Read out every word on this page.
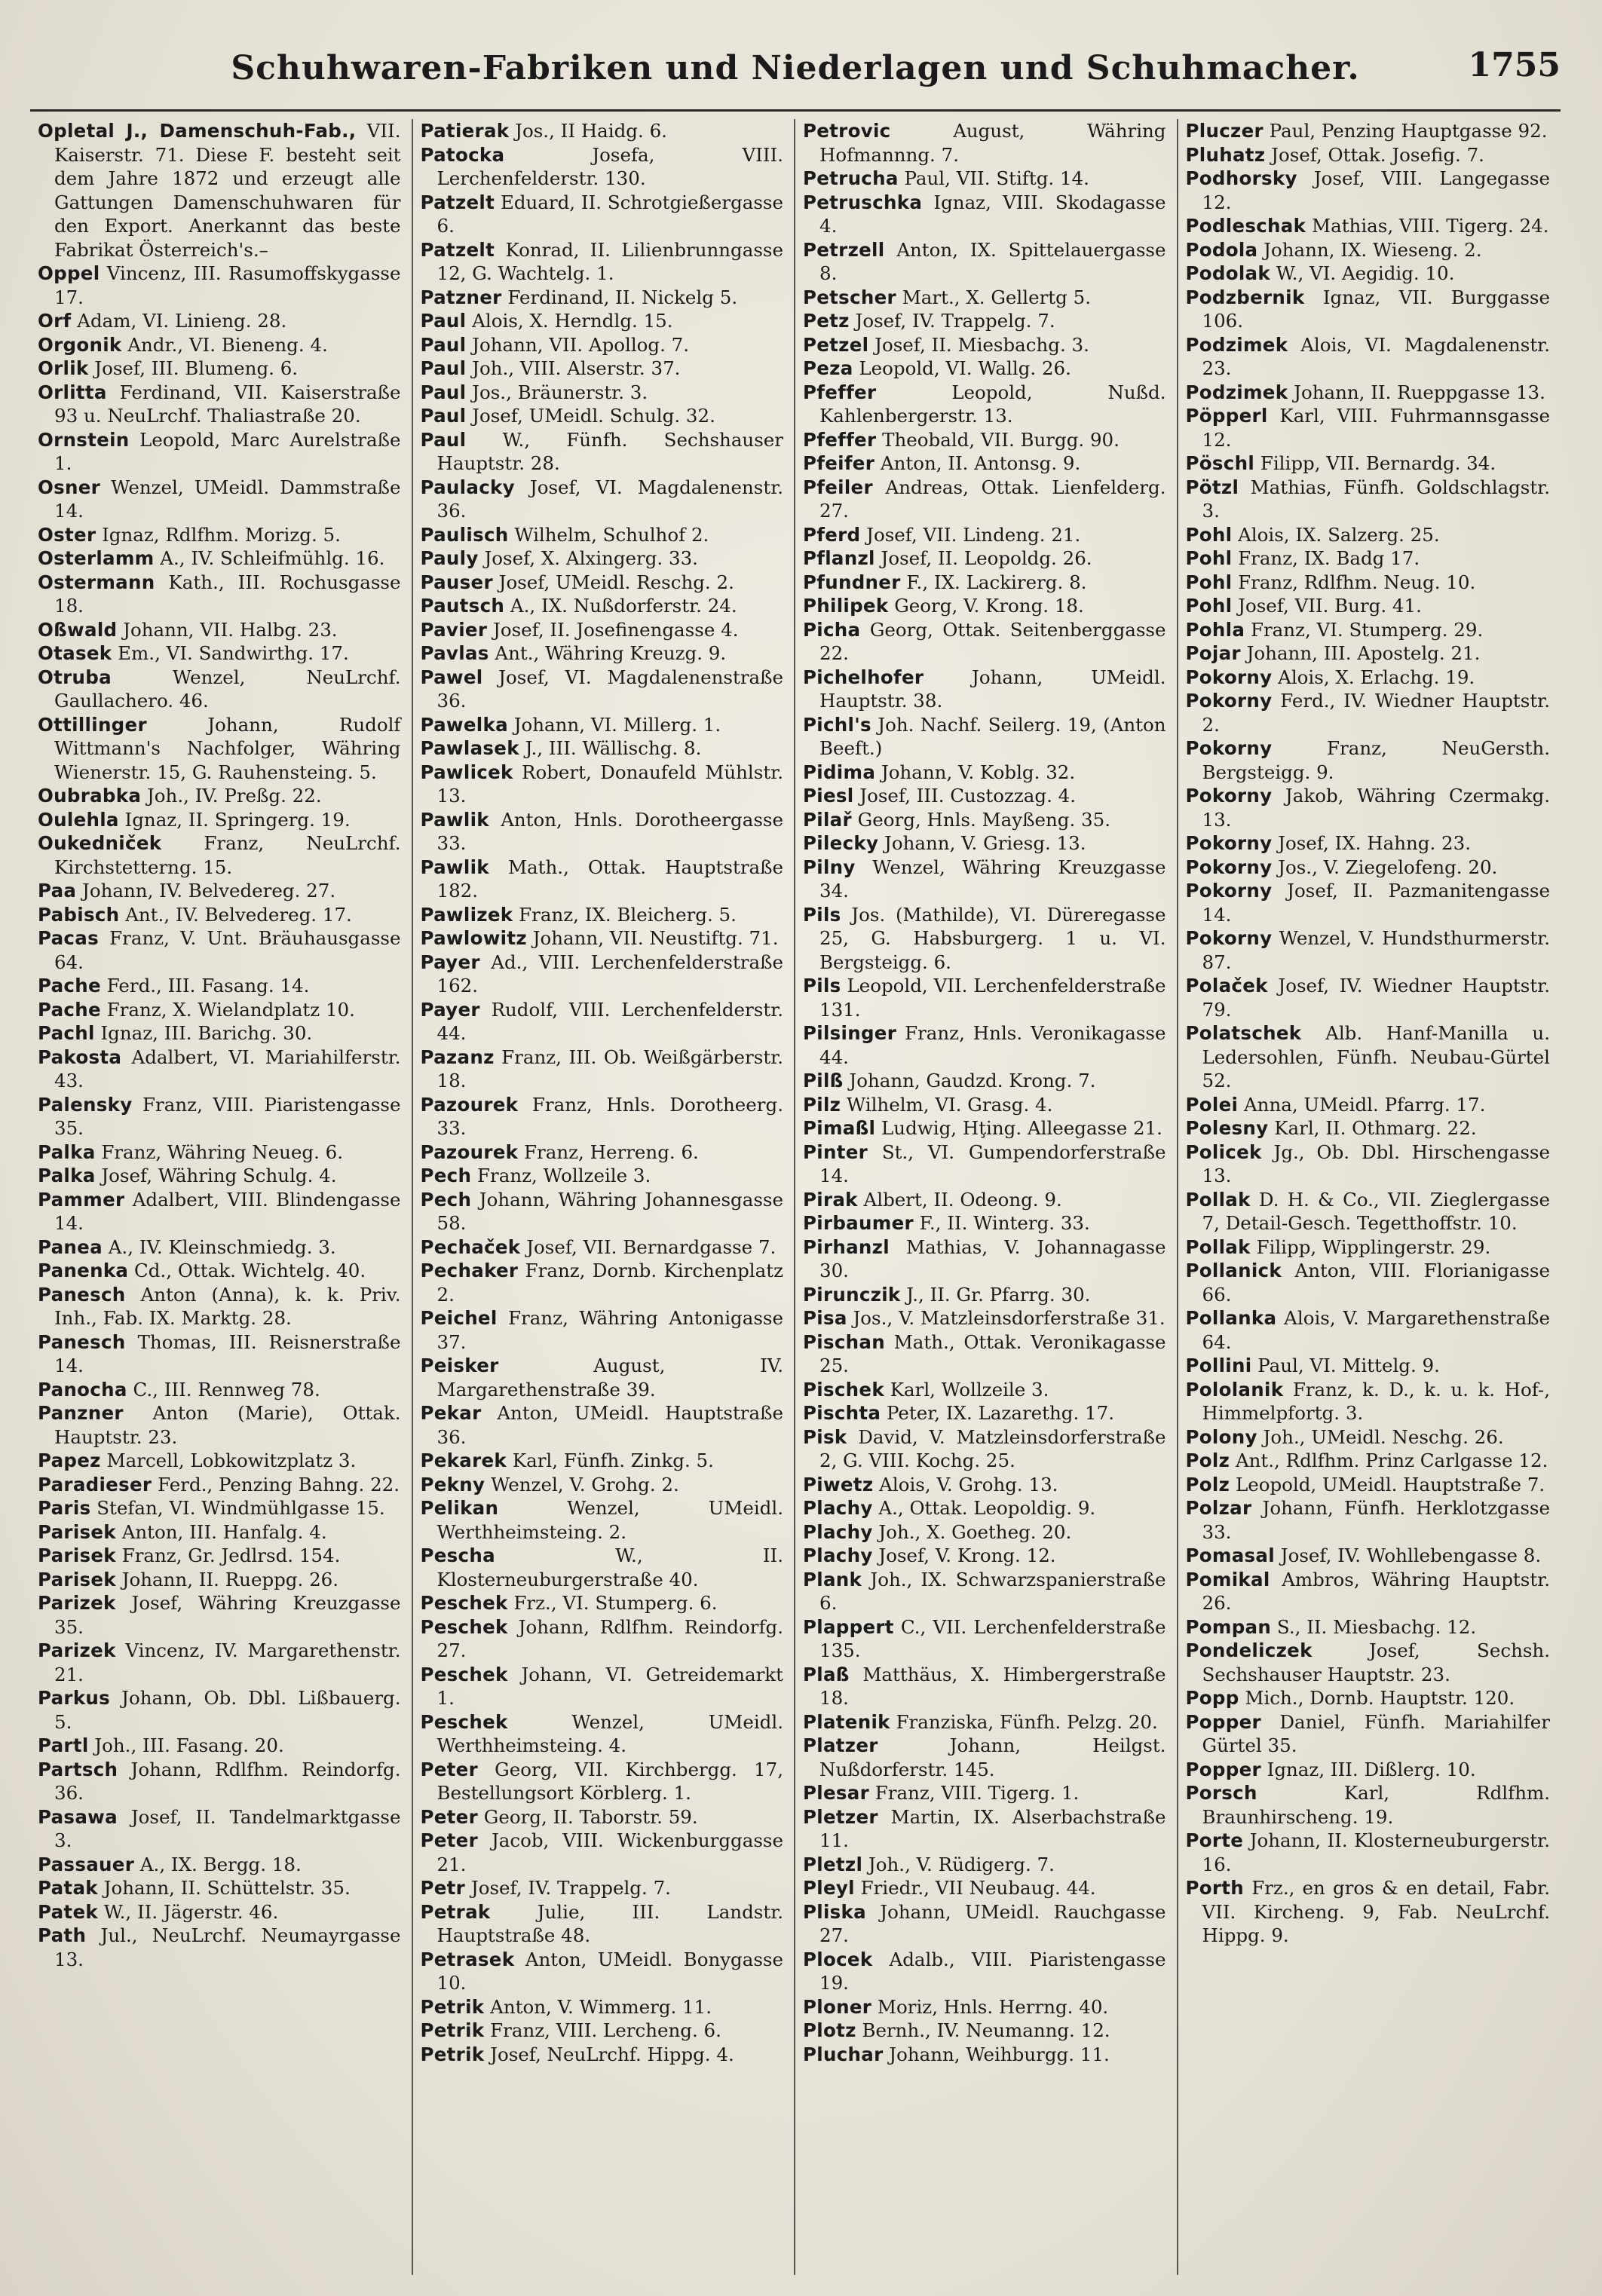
Schuhwaren-Fabriken und Niederlagen und Schuhmacher.	1755

Opletal J., Damenschuh-Fab., VII. Kaiserstr. 71. Diese F. besteht seit dem Jahre 1872 und erzeugt alle Gattungen Damenschuhwaren für den Export. Anerkannt das beste Fabrikat Österreich's.–

Oppel Vincenz, III. Rasumoffskygasse 17.

Orf Adam, VI. Linieng. 28.

Orgonik Andr., VI. Bieneng. 4.

Orlik Josef, III. Blumeng. 6.

Orlitta Ferdinand, VII. Kaiserstraße 93 u. NeuLrchf. Thaliastraße 20.

Ornstein Leopold, Marc Aurelstraße 1.

Osner Wenzel, UMeidl. Dammstraße 14.

Oster Ignaz, Rdlfhm. Morizg. 5.

Osterlamm A., IV. Schleifmühlg. 16.

Ostermann Kath., III. Rochusgasse 18.

Oßwald Johann, VII. Halbg. 23.

Otasek Em., VI. Sandwirthg. 17.

Otruba Wenzel, NeuLrchf. Gaullachero. 46.

Ottillinger Johann, Rudolf Wittmann's Nachfolger, Währing Wienerstr. 15, G. Rauhensteing. 5.

Oubrabka Joh., IV. Preßg. 22.

Oulehla Ignaz, II. Springerg. 19.

Oukedniček Franz, NeuLrchf. Kirchstetterng. 15.

Paa Johann, IV. Belvedereg. 27.

Pabisch Ant., IV. Belvedereg. 17.

Pacas Franz, V. Unt. Bräuhausgasse 64.

Pache Ferd., III. Fasang. 14.

Pache Franz, X. Wielandplatz 10.

Pachl Ignaz, III. Barichg. 30.

Pakosta Adalbert, VI. Mariahilferstr. 43.

Palensky Franz, VIII. Piaristengasse 35.

Palka Franz, Währing Neueg. 6.

Palka Josef, Währing Schulg. 4.

Pammer Adalbert, VIII. Blindengasse 14.

Panea A., IV. Kleinschmiedg. 3.

Panenka Cd., Ottak. Wichtelg. 40.

Panesch Anton (Anna), k. k. Priv. Inh., Fab. IX. Marktg. 28.

Panesch Thomas, III. Reisnerstraße 14.

Panocha C., III. Rennweg 78.

Panzner Anton (Marie), Ottak. Hauptstr. 23.

Papez Marcell, Lobkowitzplatz 3.

Paradieser Ferd., Penzing Bahng. 22.

Paris Stefan, VI. Windmühlgasse 15.

Parisek Anton, III. Hanfalg. 4.

Parisek Franz, Gr. Jedlrsd. 154.

Parisek Johann, II. Rueppg. 26.

Parizek Josef, Währing Kreuzgasse 35.

Parizek Vincenz, IV. Margarethenstr. 21.

Parkus Johann, Ob. Dbl. Lißbauerg. 5.

Partl Joh., III. Fasang. 20.

Partsch Johann, Rdlfhm. Reindorfg. 36.

Pasawa Josef, II. Tandelmarktgasse 3.

Passauer A., IX. Bergg. 18.

Patak Johann, II. Schüttelstr. 35.

Patek W., II. Jägerstr. 46.

Path Jul., NeuLrchf. Neumayrgasse 13.

Patierak Jos., II Haidg. 6.

Patocka Josefa, VIII. Lerchenfelderstr. 130.

Patzelt Eduard, II. Schrotgießergasse 6.

Patzelt Konrad, II. Lilienbrunngasse 12, G. Wachtelg. 1.

Patzner Ferdinand, II. Nickelg 5.

Paul Alois, X. Herndlg. 15.

Paul Johann, VII. Apollog. 7.

Paul Joh., VIII. Alserstr. 37.

Paul Jos., Bräunerstr. 3.

Paul Josef, UMeidl. Schulg. 32.

Paul W., Fünfh. Sechshauser Hauptstr. 28.

Paulacky Josef, VI. Magdalenenstr. 36.

Paulisch Wilhelm, Schulhof 2.

Pauly Josef, X. Alxingerg. 33.

Pauser Josef, UMeidl. Reschg. 2.

Pautsch A., IX. Nußdorferstr. 24.

Pavier Josef, II. Josefinengasse 4.

Pavlas Ant., Währing Kreuzg. 9.

Pawel Josef, VI. Magdalenenstraße 36.

Pawelka Johann, VI. Millerg. 1.

Pawlasek J., III. Wällischg. 8.

Pawlicek Robert, Donaufeld Mühlstr. 13.

Pawlik Anton, Hnls. Dorotheergasse 33.

Pawlik Math., Ottak. Hauptstraße 182.

Pawlizek Franz, IX. Bleicherg. 5.

Pawlowitz Johann, VII. Neustiftg. 71.

Payer Ad., VIII. Lerchenfelderstraße 162.

Payer Rudolf, VIII. Lerchenfelderstr. 44.

Pazanz Franz, III. Ob. Weißgärberstr. 18.

Pazourek Franz, Hnls. Dorotheerg. 33.

Pazourek Franz, Herreng. 6.

Pech Franz, Wollzeile 3.

Pech Johann, Währing Johannesgasse 58.

Pechaček Josef, VII. Bernardgasse 7.

Pechaker Franz, Dornb. Kirchenplatz 2.

Peichel Franz, Währing Antonigasse 37.

Peisker August, IV. Margarethenstraße 39.

Pekar Anton, UMeidl. Hauptstraße 36.

Pekarek Karl, Fünfh. Zinkg. 5.

Pekny Wenzel, V. Grohg. 2.

Pelikan Wenzel, UMeidl. Werthheimsteing. 2.

Pescha W., II. Klosterneuburgerstraße 40.

Peschek Frz., VI. Stumperg. 6.

Peschek Johann, Rdlfhm. Reindorfg. 27.

Peschek Johann, VI. Getreidemarkt 1.

Peschek Wenzel, UMeidl. Werthheimsteing. 4.

Peter Georg, VII. Kirchbergg. 17, Bestellungsort Körblerg. 1.

Peter Georg, II. Taborstr. 59.

Peter Jacob, VIII. Wickenburggasse 21.

Petr Josef, IV. Trappelg. 7.

Petrak Julie, III. Landstr. Hauptstraße 48.

Petrasek Anton, UMeidl. Bonygasse 10.

Petrik Anton, V. Wimmerg. 11.

Petrik Franz, VIII. Lercheng. 6.

Petrik Josef, NeuLrchf. Hippg. 4.

Petrovic August, Währing Hofmannng. 7.

Petrucha Paul, VII. Stiftg. 14.

Petruschka Ignaz, VIII. Skodagasse 4.

Petrzell Anton, IX. Spittelauergasse 8.

Petscher Mart., X. Gellertg 5.

Petz Josef, IV. Trappelg. 7.

Petzel Josef, II. Miesbachg. 3.

Peza Leopold, VI. Wallg. 26.

Pfeffer Leopold, Nußd. Kahlenbergerstr. 13.

Pfeffer Theobald, VII. Burgg. 90.

Pfeifer Anton, II. Antonsg. 9.

Pfeiler Andreas, Ottak. Lienfelderg. 27.

Pferd Josef, VII. Lindeng. 21.

Pflanzl Josef, II. Leopoldg. 26.

Pfundner F., IX. Lackirerg. 8.

Philipek Georg, V. Krong. 18.

Picha Georg, Ottak. Seitenberggasse 22.

Pichelhofer Johann, UMeidl. Hauptstr. 38.

Pichl's Joh. Nachf. Seilerg. 19, (Anton Beeft.)

Pidima Johann, V. Koblg. 32.

Piesl Josef, III. Custozzag. 4.

Pilař Georg, Hnls. Mayßeng. 35.

Pilecky Johann, V. Griesg. 13.

Pilny Wenzel, Währing Kreuzgasse 34.

Pils Jos. (Mathilde), VI. Düreregasse 25, G. Habsburgerg. 1 u. VI. Bergsteigg. 6.

Pils Leopold, VII. Lerchenfelderstraße 131.

Pilsinger Franz, Hnls. Veronikagasse 44.

Pilß Johann, Gaudzd. Krong. 7.

Pilz Wilhelm, VI. Grasg. 4.

Pimaßl Ludwig, Hţing. Alleegasse 21.

Pinter St., VI. Gumpendorferstraße 14.

Pirak Albert, II. Odeong. 9.

Pirbaumer F., II. Winterg. 33.

Pirhanzl Mathias, V. Johannagasse 30.

Pirunczik J., II. Gr. Pfarrg. 30.

Pisa Jos., V. Matzleinsdorferstraße 31.

Pischan Math., Ottak. Veronikagasse 25.

Pischek Karl, Wollzeile 3.

Pischta Peter, IX. Lazarethg. 17.

Pisk David, V. Matzleinsdorferstraße 2, G. VIII. Kochg. 25.

Piwetz Alois, V. Grohg. 13.

Plachy A., Ottak. Leopoldig. 9.

Plachy Joh., X. Goetheg. 20.

Plachy Josef, V. Krong. 12.

Plank Joh., IX. Schwarzspanierstraße 6.

Plappert C., VII. Lerchenfelderstraße 135.

Plaß Matthäus, X. Himbergerstraße 18.

Platenik Franziska, Fünfh. Pelzg. 20.

Platzer Johann, Heilgst. Nußdorferstr. 145.

Plesar Franz, VIII. Tigerg. 1.

Pletzer Martin, IX. Alserbachstraße 11.

Pletzl Joh., V. Rüdigerg. 7.

Pleyl Friedr., VII Neubaug. 44.

Pliska Johann, UMeidl. Rauchgasse 27.

Plocek Adalb., VIII. Piaristengasse 19.

Ploner Moriz, Hnls. Herrng. 40.

Plotz Bernh., IV. Neumanng. 12.

Pluchar Johann, Weihburgg. 11.

Pluczer Paul, Penzing Hauptgasse 92.

Pluhatz Josef, Ottak. Josefig. 7.

Podhorsky Josef, VIII. Langegasse 12.

Podleschak Mathias, VIII. Tigerg. 24.

Podola Johann, IX. Wieseng. 2.

Podolak W., VI. Aegidig. 10.

Podzbernik Ignaz, VII. Burggasse 106.

Podzimek Alois, VI. Magdalenenstr. 23.

Podzimek Johann, II. Rueppgasse 13.

Pöpperl Karl, VIII. Fuhrmannsgasse 12.

Pöschl Filipp, VII. Bernardg. 34.

Pötzl Mathias, Fünfh. Goldschlagstr. 3.

Pohl Alois, IX. Salzerg. 25.

Pohl Franz, IX. Badg 17.

Pohl Franz, Rdlfhm. Neug. 10.

Pohl Josef, VII. Burg. 41.

Pohla Franz, VI. Stumperg. 29.

Pojar Johann, III. Apostelg. 21.

Pokorny Alois, X. Erlachg. 19.

Pokorny Ferd., IV. Wiedner Hauptstr. 2.

Pokorny Franz, NeuGersth. Bergsteigg. 9.

Pokorny Jakob, Währing Czermakg. 13.

Pokorny Josef, IX. Hahng. 23.

Pokorny Jos., V. Ziegelofeng. 20.

Pokorny Josef, II. Pazmanitengasse 14.

Pokorny Wenzel, V. Hundsthurmerstr. 87.

Polaček Josef, IV. Wiedner Hauptstr. 79.

Polatschek Alb. Hanf-Manilla u. Ledersohlen, Fünfh. Neubau-Gürtel 52.

Polei Anna, UMeidl. Pfarrg. 17.

Polesny Karl, II. Othmarg. 22.

Policek Jg., Ob. Dbl. Hirschengasse 13.

Pollak D. H. & Co., VII. Zieglergasse 7, Detail-Gesch. Tegetthoffstr. 10.

Pollak Filipp, Wipplingerstr. 29.

Pollanick Anton, VIII. Florianigasse 66.

Pollanka Alois, V. Margarethenstraße 64.

Pollini Paul, VI. Mittelg. 9.

Pololanik Franz, k. D., k. u. k. Hof-, Himmelpfortg. 3.

Polony Joh., UMeidl. Neschg. 26.

Polz Ant., Rdlfhm. Prinz Carlgasse 12.

Polz Leopold, UMeidl. Hauptstraße 7.

Polzar Johann, Fünfh. Herklotzgasse 33.

Pomasal Josef, IV. Wohllebengasse 8.

Pomikal Ambros, Währing Hauptstr. 26.

Pompan S., II. Miesbachg. 12.

Pondeliczek Josef, Sechsh. Sechshauser Hauptstr. 23.

Popp Mich., Dornb. Hauptstr. 120.

Popper Daniel, Fünfh. Mariahilfer Gürtel 35.

Popper Ignaz, III. Dißlerg. 10.

Porsch Karl, Rdlfhm. Braunhirscheng. 19.

Porte Johann, II. Klosterneuburgerstr. 16.

Porth Frz., en gros & en detail, Fabr. VII. Kircheng. 9, Fab. NeuLrchf. Hippg. 9.
